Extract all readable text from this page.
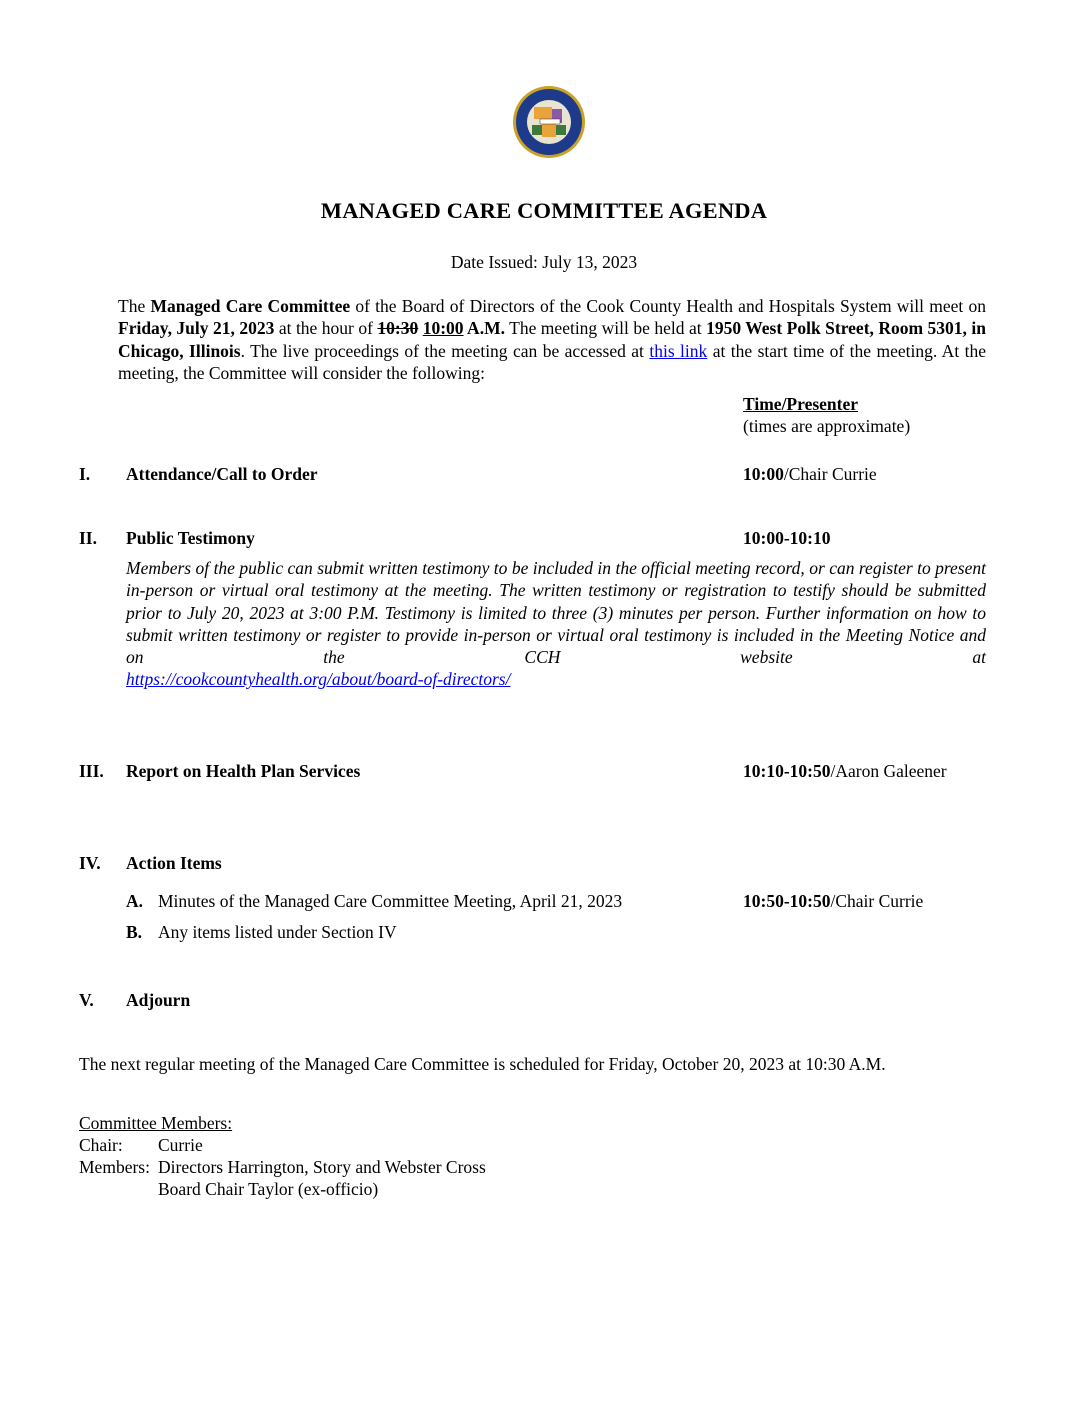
MANAGED CARE COMMITTEE AGENDA
Date Issued: July 13, 2023
The Managed Care Committee of the Board of Directors of the Cook County Health and Hospitals System will meet on Friday, July 21, 2023 at the hour of 10:30 10:00 A.M. The meeting will be held at 1950 West Polk Street, Room 5301, in Chicago, Illinois. The live proceedings of the meeting can be accessed at this link at the start time of the meeting. At the meeting, the Committee will consider the following:
Time/Presenter
(times are approximate)
I. Attendance/Call to Order	10:00/Chair Currie
II. Public Testimony	10:00-10:10
Members of the public can submit written testimony to be included in the official meeting record, or can register to present in-person or virtual oral testimony at the meeting. The written testimony or registration to testify should be submitted prior to July 20, 2023 at 3:00 P.M. Testimony is limited to three (3) minutes per person. Further information on how to submit written testimony or register to provide in-person or virtual oral testimony is included in the Meeting Notice and on the CCH website at
https://cookcountyhealth.org/about/board-of-directors/
III. Report on Health Plan Services	10:10-10:50/Aaron Galeener
IV. Action Items
A. Minutes of the Managed Care Committee Meeting, April 21, 2023	10:50-10:50/Chair Currie
B. Any items listed under Section IV
V. Adjourn
The next regular meeting of the Managed Care Committee is scheduled for Friday, October 20, 2023 at 10:30 A.M.
Committee Members:
Chair: Currie
Members: Directors Harrington, Story and Webster Cross
Board Chair Taylor (ex-officio)
